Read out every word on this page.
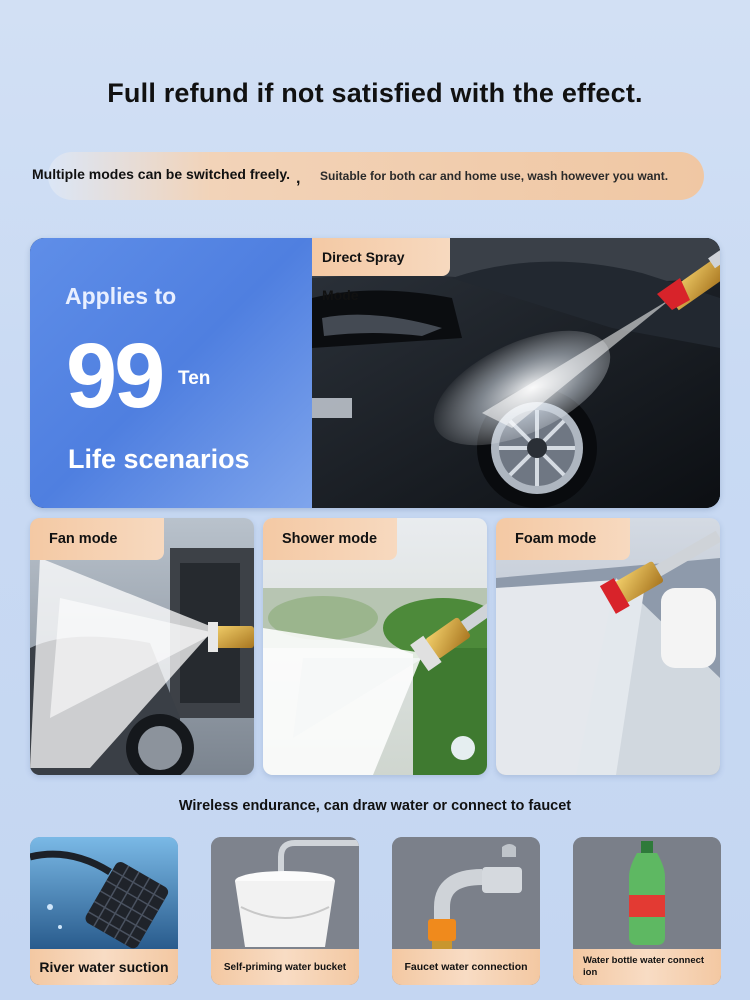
Full refund if not satisfied with the effect.
Multiple modes can be switched freely. , Suitable for both car and home use, wash however you want.
Applies to
99 Ten
Life scenarios
Direct Spray Mode
Fan mode	Shower mode	Foam mode
Wireless endurance, can draw water or connect to faucet
River water suction	Self-priming water bucket	Faucet water connection
Water bottle water connect ion
